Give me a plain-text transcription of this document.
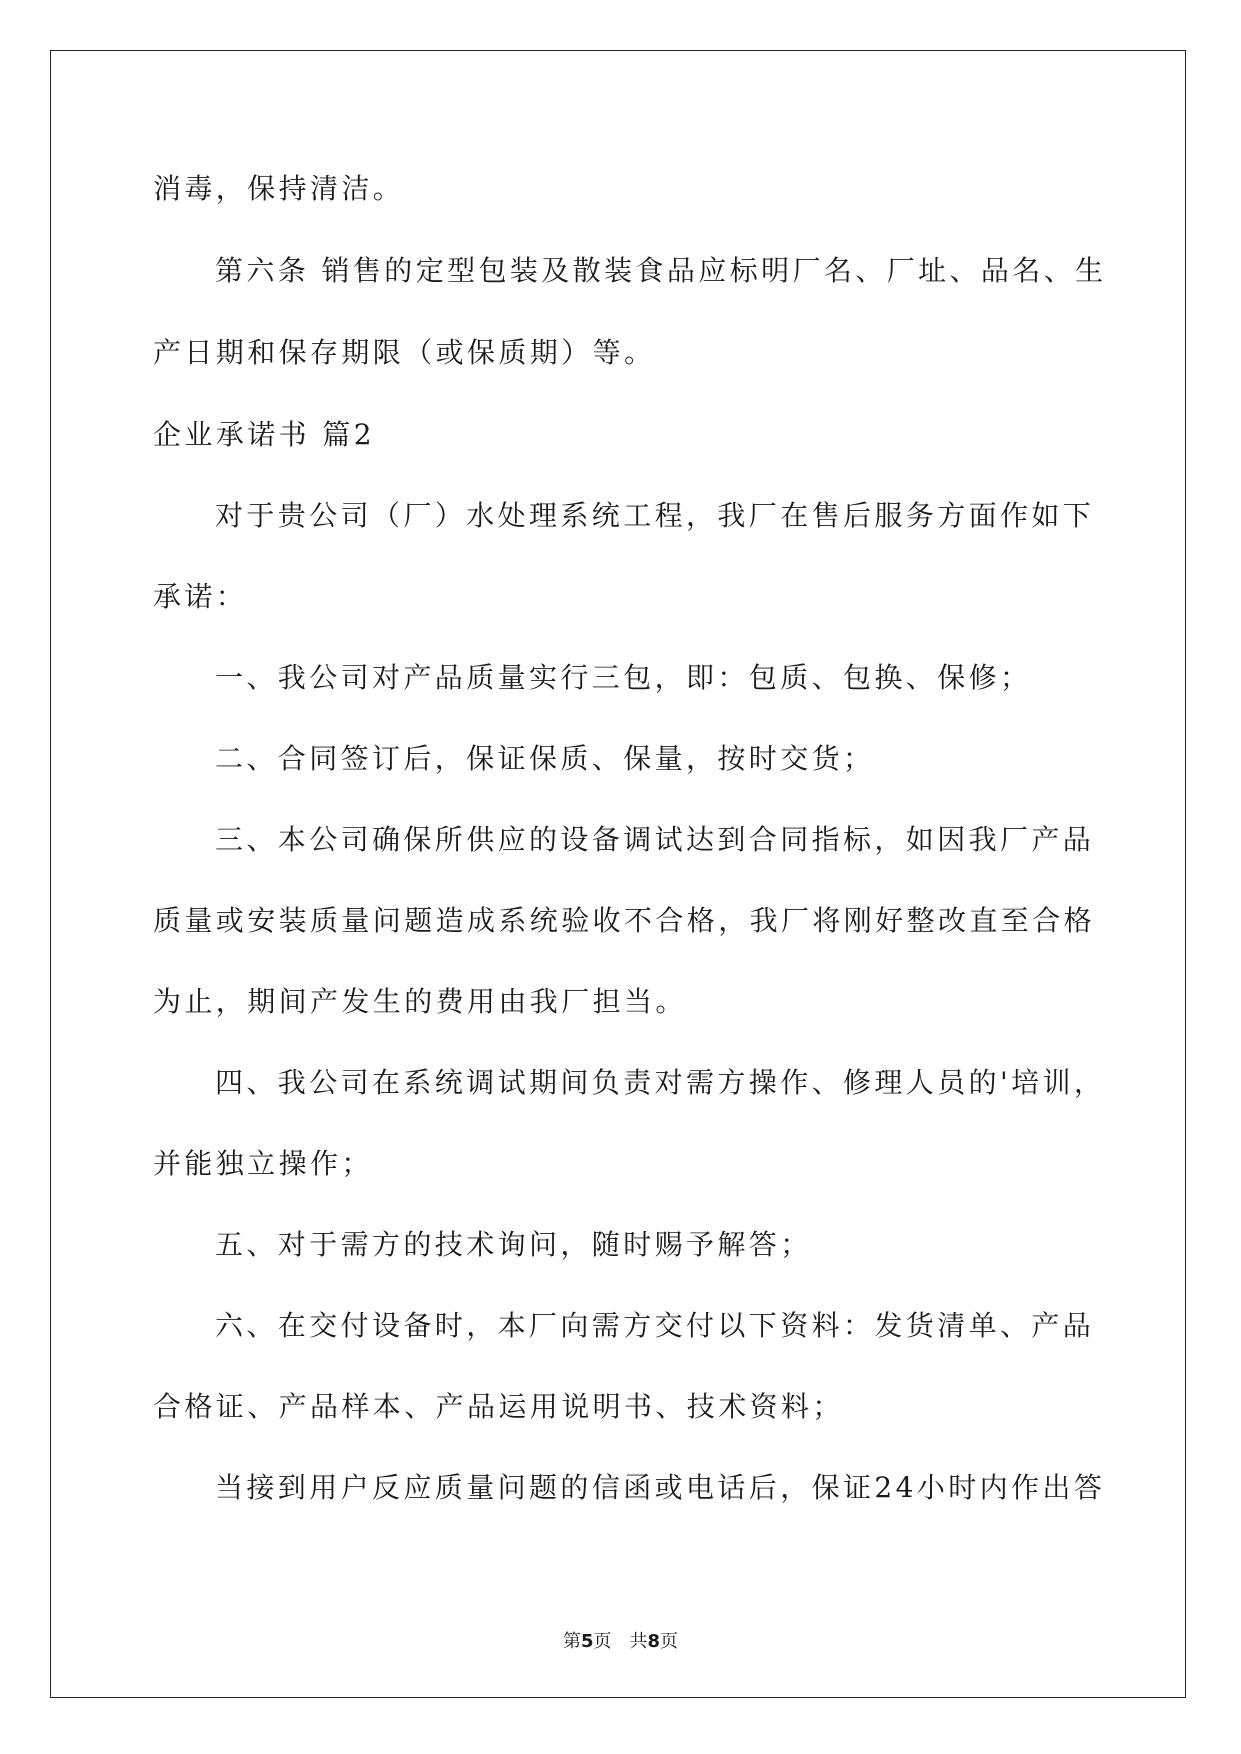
消毒，保持清洁。
第六条 销售的定型包装及散装食品应标明厂名、厂址、品名、生
产日期和保存期限（或保质期）等。
企业承诺书 篇2
对于贵公司（厂）水处理系统工程，我厂在售后服务方面作如下
承诺：
一、我公司对产品质量实行三包，即：包质、包换、保修；
二、合同签订后，保证保质、保量，按时交货；
三、本公司确保所供应的设备调试达到合同指标，如因我厂产品
质量或安装质量问题造成系统验收不合格，我厂将刚好整改直至合格
为止，期间产发生的费用由我厂担当。
四、我公司在系统调试期间负责对需方操作、修理人员的'培训，
并能独立操作；
五、对于需方的技术询问，随时赐予解答；
六、在交付设备时，本厂向需方交付以下资料：发货清单、产品
合格证、产品样本、产品运用说明书、技术资料；
当接到用户反应质量问题的信函或电话后，保证24小时内作出答
第5页　共8页
